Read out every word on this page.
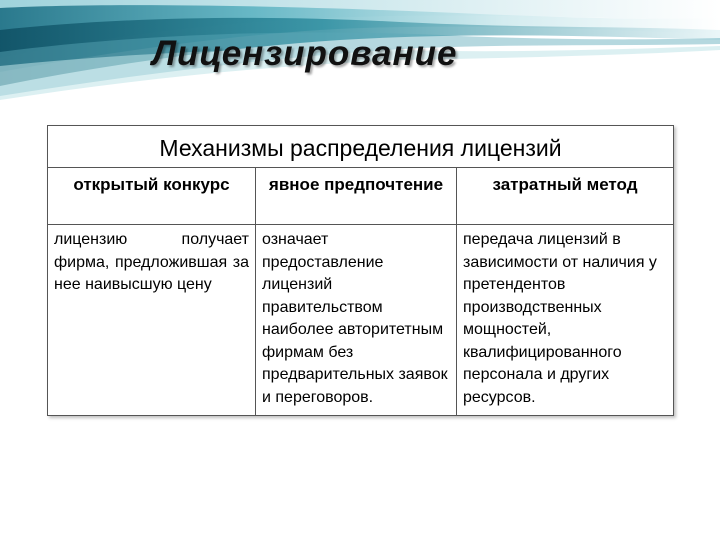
Лицензирование
Механизмы распределения лицензий		
открытый конкурс	явное предпочтение	затратный метод
лицензию получает фирма, предложившая за нее наивысшую цену	означает предоставление лицензий правительством наиболее авторитетным фирмам без предварительных заявок и переговоров.	передача лицензий в зависимости от наличия у претендентов производственных мощностей, квалифицированного персонала и других ресурсов.
